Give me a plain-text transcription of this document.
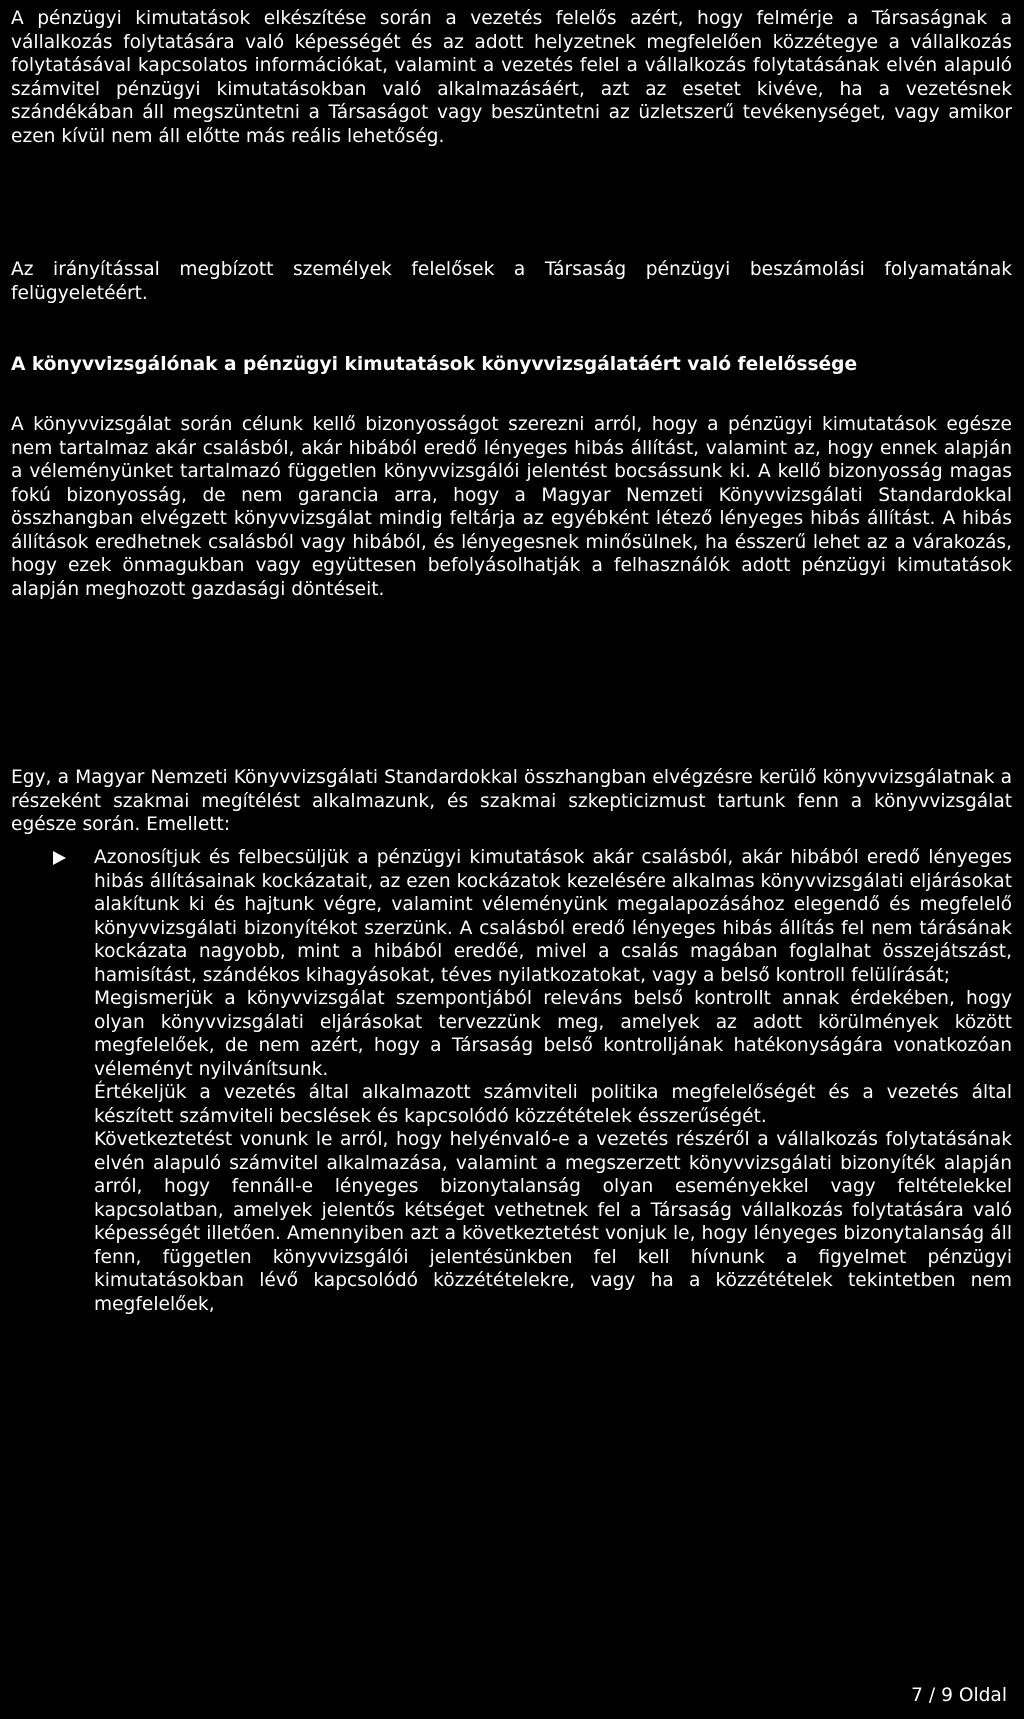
A pénzügyi kimutatások elkészítése során a vezetés felelős azért, hogy felmérje a Társaságnak a vállalkozás folytatására való képességét és az adott helyzetnek megfelelően közzétegye a vállalkozás folytatásával kapcsolatos információkat, valamint a vezetés felel a vállalkozás folytatásának elvén alapuló számvitel pénzügyi kimutatásokban való alkalmazásáért, azt az esetet kivéve, ha a vezetésnek szándékában áll megszüntetni a Társaságot vagy beszüntetni az üzletszerű tevékenységet, vagy amikor ezen kívül nem áll előtte más reális lehetőség.

Az irányítással megbízott személyek felelősek a Társaság pénzügyi beszámolási folyamatának felügyeletéért.

A könyvvizsgálónak a pénzügyi kimutatások könyvvizsgálatáért való felelőssége

A könyvvizsgálat során célunk kellő bizonyosságot szerezni arról, hogy a pénzügyi kimutatások egésze nem tartalmaz akár csalásból, akár hibából eredő lényeges hibás állítást, valamint az, hogy ennek alapján a véleményünket tartalmazó független könyvvizsgálói jelentést bocsássunk ki. A kellő bizonyosság magas fokú bizonyosság, de nem garancia arra, hogy a Magyar Nemzeti Könyvvizsgálati Standardokkal összhangban elvégzett könyvvizsgálat mindig feltárja az egyébként létező lényeges hibás állítást. A hibás állítások eredhetnek csalásból vagy hibából, és lényegesnek minősülnek, ha ésszerű lehet az a várakozás, hogy ezek önmagukban vagy együttesen befolyásolhatják a felhasználók adott pénzügyi kimutatások alapján meghozott gazdasági döntéseit.

Egy, a Magyar Nemzeti Könyvvizsgálati Standardokkal összhangban elvégzésre kerülő könyvvizsgálatnak a részeként szakmai megítélést alkalmazunk, és szakmai szkepticizmust tartunk fenn a könyvvizsgálat egésze során. Emellett:

Azonosítjuk és felbecsüljük a pénzügyi kimutatások akár csalásból, akár hibából eredő lényeges hibás állításainak kockázatait, az ezen kockázatok kezelésére alkalmas könyvvizsgálati eljárásokat alakítunk ki és hajtunk végre, valamint véleményünk megalapozásához elegendő és megfelelő könyvvizsgálati bizonyítékot szerzünk. A csalásból eredő lényeges hibás állítás fel nem tárásának kockázata nagyobb, mint a hibából eredőé, mivel a csalás magában foglalhat összejátszást, hamisítást, szándékos kihagyásokat, téves nyilatkozatokat, vagy a belső kontroll felülírását;
Megismerjük a könyvvizsgálat szempontjából releváns belső kontrollt annak érdekében, hogy olyan könyvvizsgálati eljárásokat tervezzünk meg, amelyek az adott körülmények között megfelelőek, de nem azért, hogy a Társaság belső kontrolljának hatékonyságára vonatkozóan véleményt nyilvánítsunk.
Értékeljük a vezetés által alkalmazott számviteli politika megfelelőségét és a vezetés által készített számviteli becslések és kapcsolódó közzétételek ésszerűségét.
Következtetést vonunk le arról, hogy helyénvaló-e a vezetés részéről a vállalkozás folytatásának elvén alapuló számvitel alkalmazása, valamint a megszerzett könyvvizsgálati bizonyíték alapján arról, hogy fennáll-e lényeges bizonytalanság olyan eseményekkel vagy feltételekkel kapcsolatban, amelyek jelentős kétséget vethetnek fel a Társaság vállalkozás folytatására való képességét illetően. Amennyiben azt a következtetést vonjuk le, hogy lényeges bizonytalanság áll fenn, független könyvvizsgálói jelentésünkben fel kell hívnunk a figyelmet pénzügyi kimutatásokban lévő kapcsolódó közzétételekre, vagy ha a közzétételek tekintetben nem megfelelőek,
7 / 9 Oldal
